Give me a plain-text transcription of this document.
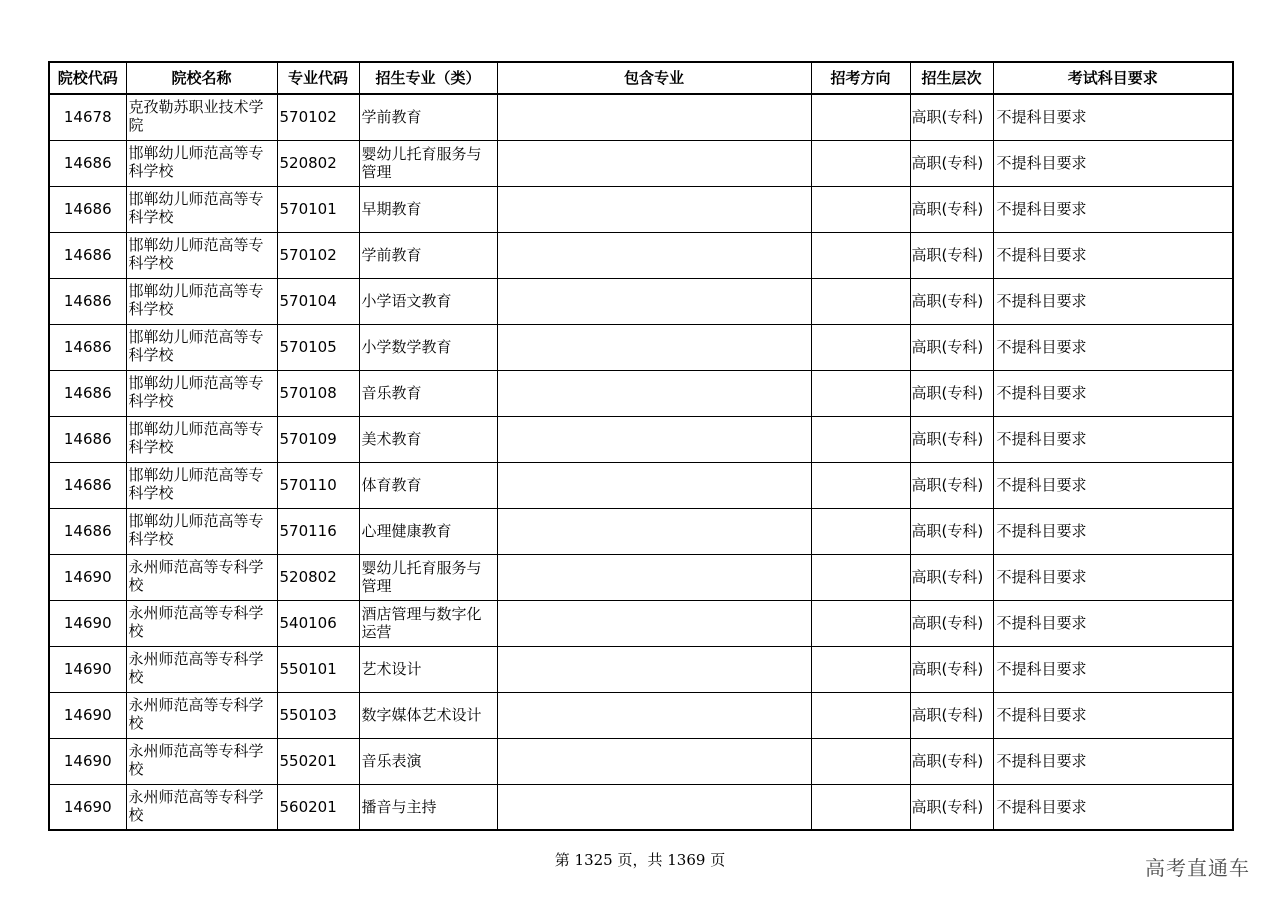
院校代码	院校名称	专业代码	招生专业（类）	包含专业	招考方向	招生层次	考试科目要求
14678	克孜勒苏职业技术学院	570102	学前教育			高职(专科)	不提科目要求
14686	邯郸幼儿师范高等专科学校	520802	婴幼儿托育服务与管理			高职(专科)	不提科目要求
14686	邯郸幼儿师范高等专科学校	570101	早期教育			高职(专科)	不提科目要求
14686	邯郸幼儿师范高等专科学校	570102	学前教育			高职(专科)	不提科目要求
14686	邯郸幼儿师范高等专科学校	570104	小学语文教育			高职(专科)	不提科目要求
14686	邯郸幼儿师范高等专科学校	570105	小学数学教育			高职(专科)	不提科目要求
14686	邯郸幼儿师范高等专科学校	570108	音乐教育			高职(专科)	不提科目要求
14686	邯郸幼儿师范高等专科学校	570109	美术教育			高职(专科)	不提科目要求
14686	邯郸幼儿师范高等专科学校	570110	体育教育			高职(专科)	不提科目要求
14686	邯郸幼儿师范高等专科学校	570116	心理健康教育			高职(专科)	不提科目要求
14690	永州师范高等专科学校	520802	婴幼儿托育服务与管理			高职(专科)	不提科目要求
14690	永州师范高等专科学校	540106	酒店管理与数字化运营			高职(专科)	不提科目要求
14690	永州师范高等专科学校	550101	艺术设计			高职(专科)	不提科目要求
14690	永州师范高等专科学校	550103	数字媒体艺术设计			高职(专科)	不提科目要求
14690	永州师范高等专科学校	550201	音乐表演			高职(专科)	不提科目要求
14690	永州师范高等专科学校	560201	播音与主持			高职(专科)	不提科目要求
第 1325 页，共 1369 页	高考直通车
